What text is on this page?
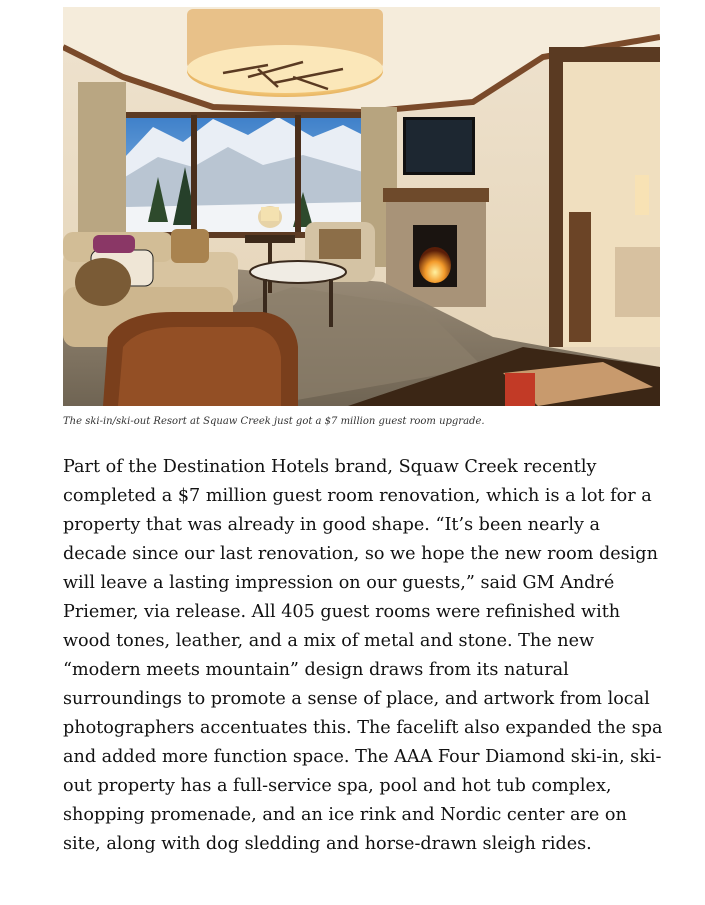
The ski-in/ski-out Resort at Squaw Creek just got a $7 million guest room upgrade.

Part of the Destination Hotels brand, Squaw Creek recently completed a $7 million guest room renovation, which is a lot for a property that was already in good shape. “It’s been nearly a decade since our last renovation, so we hope the new room design will leave a lasting impression on our guests,” said GM André Priemer, via release. All 405 guest rooms were refinished with wood tones, leather, and a mix of metal and stone. The new “modern meets mountain” design draws from its natural surroundings to promote a sense of place, and artwork from local photographers accentuates this. The facelift also expanded the spa and added more function space. The AAA Four Diamond ski-in, ski-out property has a full-service spa, pool and hot tub complex, shopping promenade, and an ice rink and Nordic center are on site, along with dog sledding and horse-drawn sleigh rides.
